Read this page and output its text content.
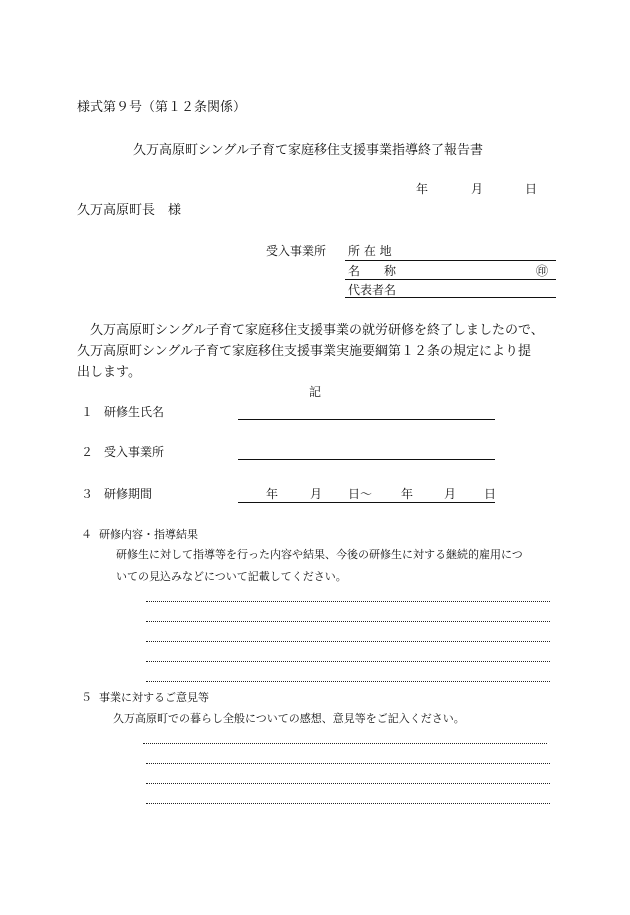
様式第９号（第１２条関係）
久万高原町シングル子育て家庭移住支援事業指導終了報告書
年	月	日
久万高原町長　様
受入事業所 所 在 地
名　　称	㊞
代表者名
久万高原町シングル子育て家庭移住支援事業の就労研修を終了しましたので、
久万高原町シングル子育て家庭移住支援事業実施要綱第１２条の規定により提
出します。
記
１ 研修生氏名
２ 受入事業所
３ 研修期間	年	月 日～ 年	月 日
４ 研修内容・指導結果
研修生に対して指導等を行った内容や結果、今後の研修生に対する継続的雇用につ
いての見込みなどについて記載してください。
５ 事業に対するご意見等
久万高原町での暮らし全般についての感想、意見等をご記入ください。
